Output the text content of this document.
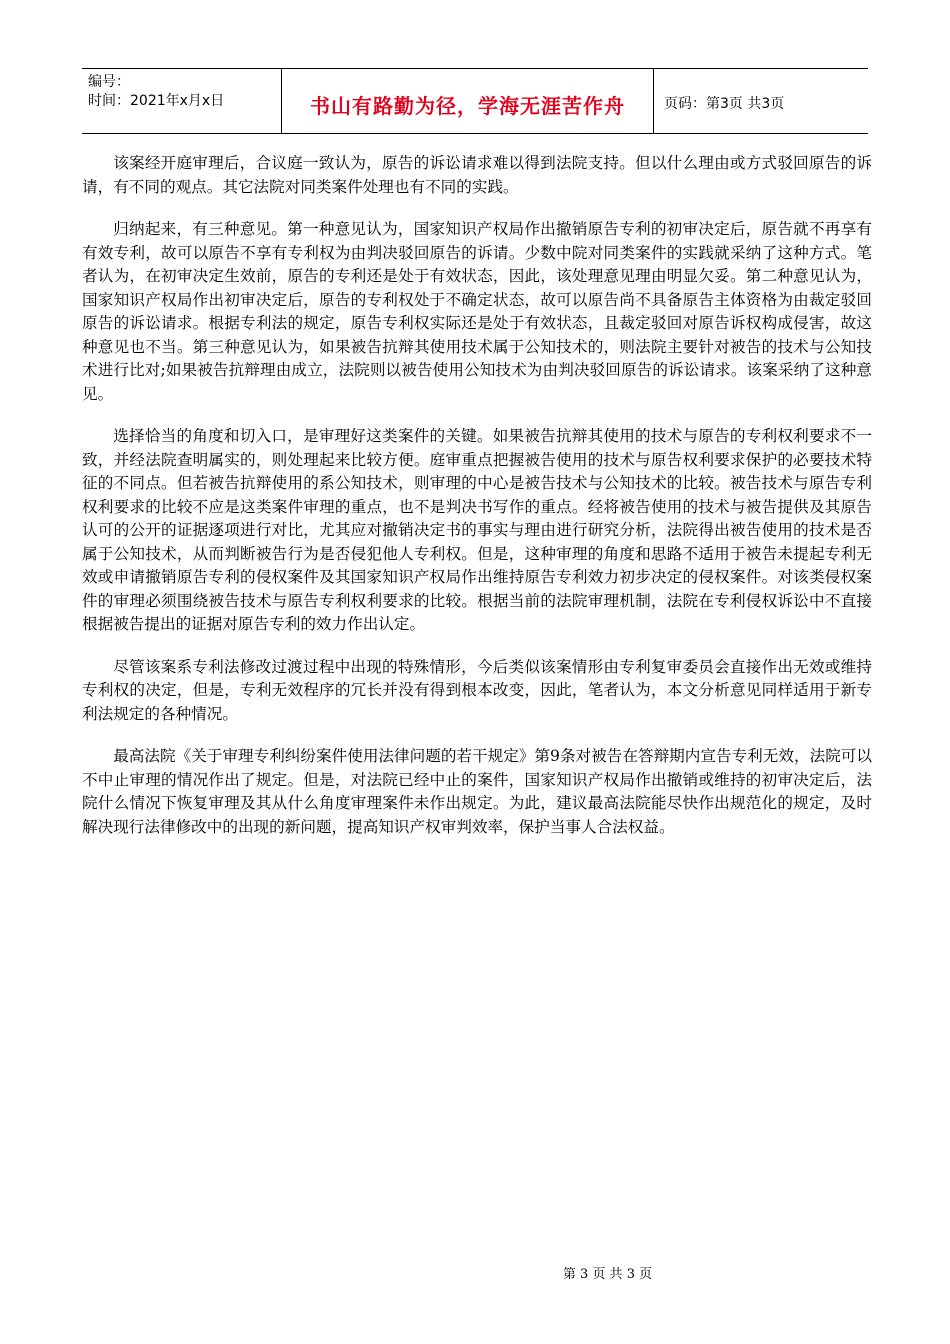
编号：
时间：2021年x月x日	书山有路勤为径，学海无涯苦作舟	页码：第3页 共3页

该案经开庭审理后，合议庭一致认为，原告的诉讼请求难以得到法院支持。但以什么理由或方式驳回原告的诉请，有不同的观点。其它法院对同类案件处理也有不同的实践。

归纳起来，有三种意见。第一种意见认为，国家知识产权局作出撤销原告专利的初审决定后，原告就不再享有有效专利，故可以原告不享有专利权为由判决驳回原告的诉请。少数中院对同类案件的实践就采纳了这种方式。笔者认为，在初审决定生效前，原告的专利还是处于有效状态，因此，该处理意见理由明显欠妥。第二种意见认为，国家知识产权局作出初审决定后，原告的专利权处于不确定状态，故可以原告尚不具备原告主体资格为由裁定驳回原告的诉讼请求。根据专利法的规定，原告专利权实际还是处于有效状态，且裁定驳回对原告诉权构成侵害，故这种意见也不当。第三种意见认为，如果被告抗辩其使用技术属于公知技术的，则法院主要针对被告的技术与公知技术进行比对;如果被告抗辩理由成立，法院则以被告使用公知技术为由判决驳回原告的诉讼请求。该案采纳了这种意见。

选择恰当的角度和切入口，是审理好这类案件的关键。如果被告抗辩其使用的技术与原告的专利权利要求不一致，并经法院查明属实的，则处理起来比较方便。庭审重点把握被告使用的技术与原告权利要求保护的必要技术特征的不同点。但若被告抗辩使用的系公知技术，则审理的中心是被告技术与公知技术的比较。被告技术与原告专利权利要求的比较不应是这类案件审理的重点，也不是判决书写作的重点。经将被告使用的技术与被告提供及其原告认可的公开的证据逐项进行对比，尤其应对撤销决定书的事实与理由进行研究分析，法院得出被告使用的技术是否属于公知技术，从而判断被告行为是否侵犯他人专利权。但是，这种审理的角度和思路不适用于被告未提起专利无效或申请撤销原告专利的侵权案件及其国家知识产权局作出维持原告专利效力初步决定的侵权案件。对该类侵权案件的审理必须围绕被告技术与原告专利权利要求的比较。根据当前的法院审理机制，法院在专利侵权诉讼中不直接根据被告提出的证据对原告专利的效力作出认定。

尽管该案系专利法修改过渡过程中出现的特殊情形，今后类似该案情形由专利复审委员会直接作出无效或维持专利权的决定，但是，专利无效程序的冗长并没有得到根本改变，因此，笔者认为，本文分析意见同样适用于新专利法规定的各种情况。

最高法院《关于审理专利纠纷案件使用法律问题的若干规定》第9条对被告在答辩期内宣告专利无效，法院可以不中止审理的情况作出了规定。但是，对法院已经中止的案件，国家知识产权局作出撤销或维持的初审决定后，法院什么情况下恢复审理及其从什么角度审理案件未作出规定。为此，建议最高法院能尽快作出规范化的规定，及时解决现行法律修改中的出现的新问题，提高知识产权审判效率，保护当事人合法权益。

第 3 页 共 3 页
